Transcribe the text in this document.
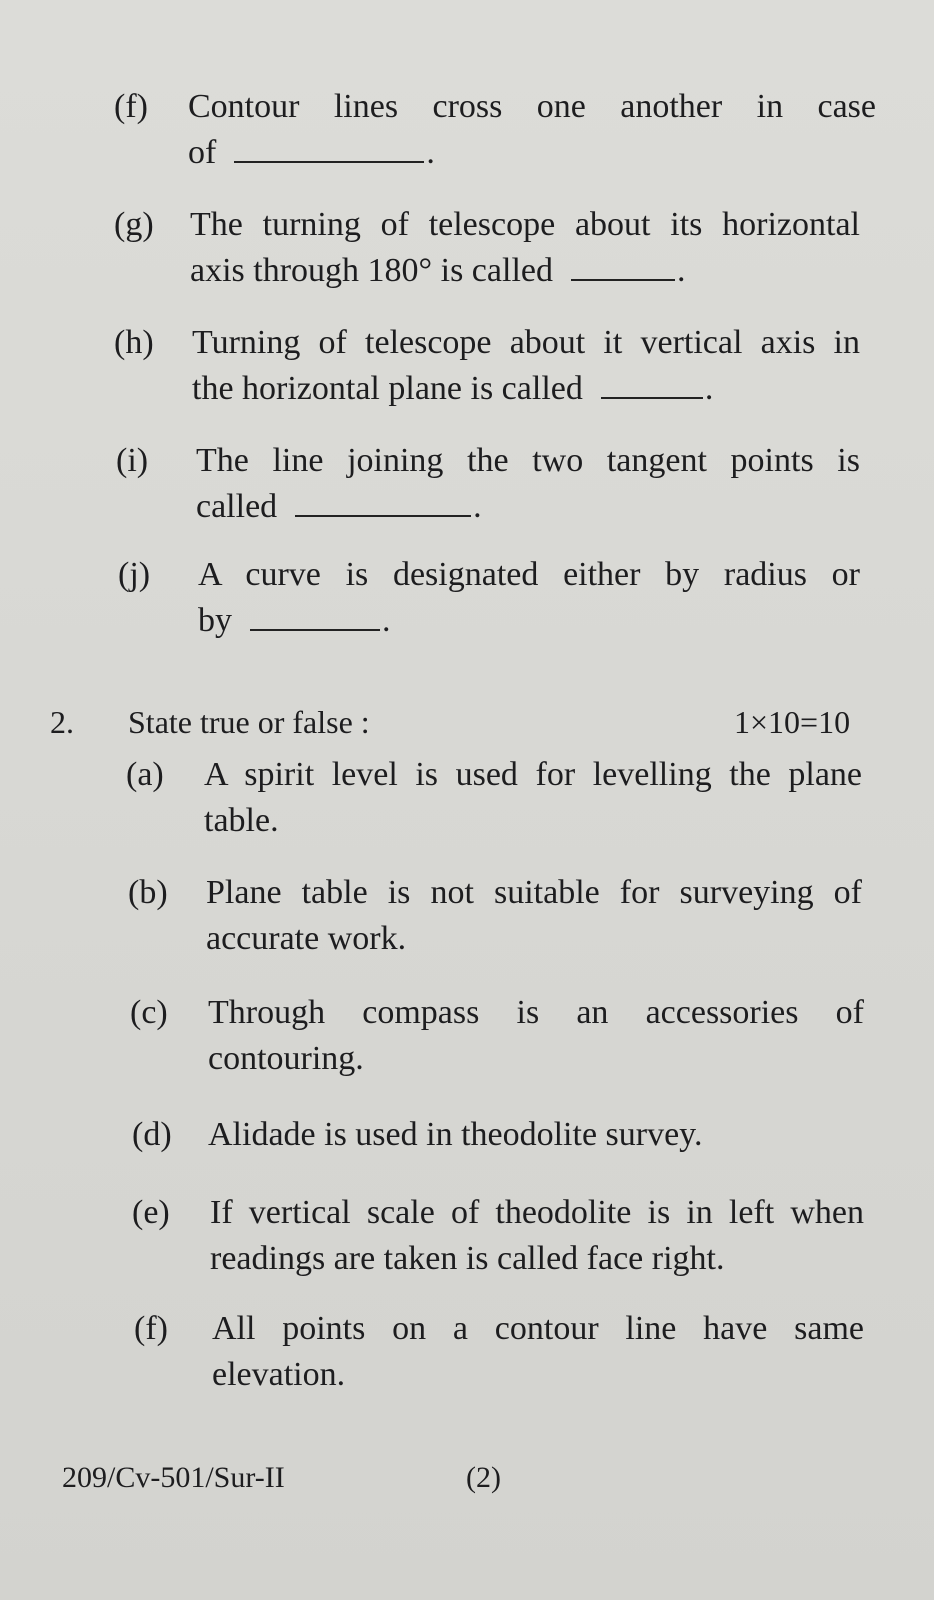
(f) Contour lines cross one another in case
of	.
(g) The turning of telescope about its horizontal
axis through 180° is called	.
(h) Turning of telescope about it vertical axis in
the horizontal plane is called	.
(i) The line joining the two tangent points is
called	.
(j) A curve is designated either by radius or
by	.
2. State true or false :	1×10=10
(a) A spirit level is used for levelling the plane
table.
(b) Plane table is not suitable for surveying of
accurate work.
(c) Through compass is an accessories of
contouring.
(d) Alidade is used in theodolite survey.
(e) If vertical scale of theodolite is in left when
readings are taken is called face right.
(f) All points on a contour line have same
elevation.
209/Cv-501/Sur-II	(2)
